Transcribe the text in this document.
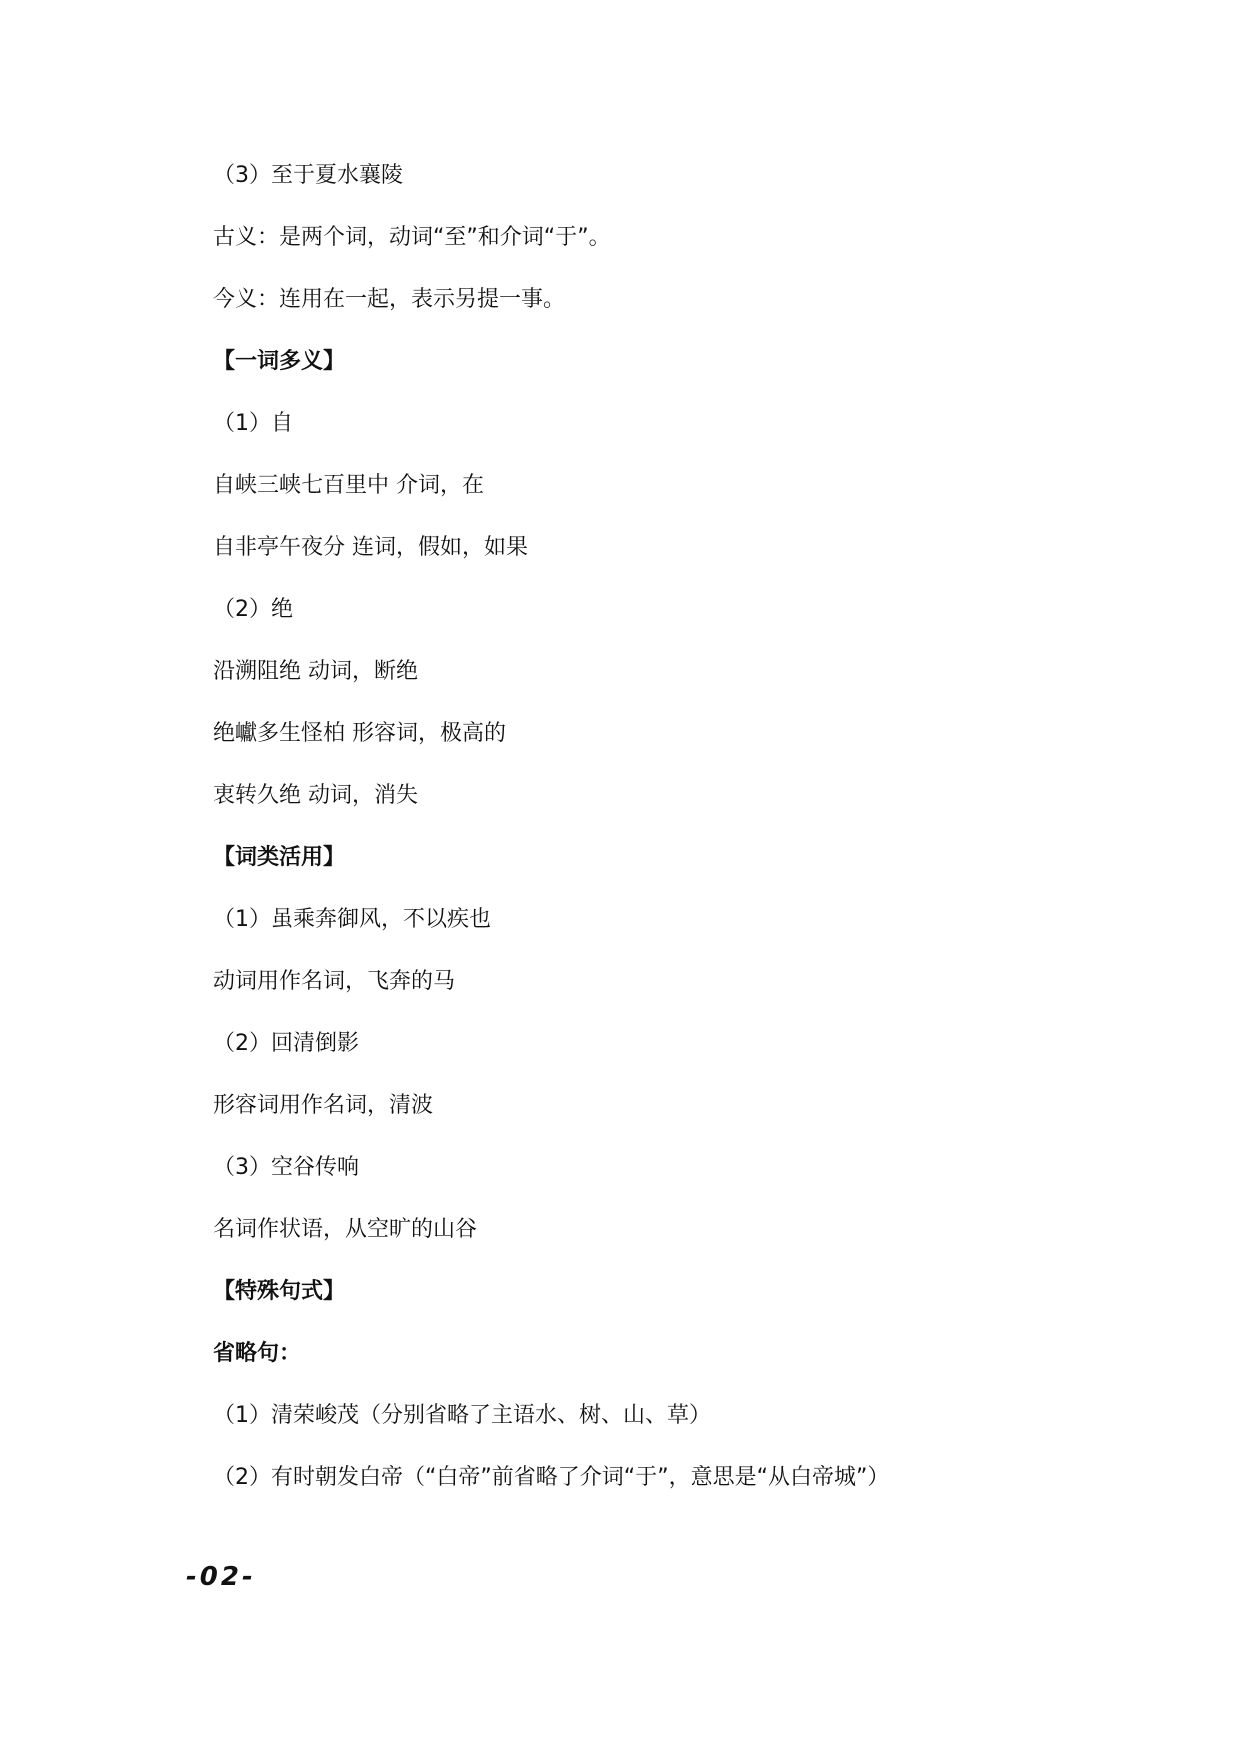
（3）至于夏水襄陵
古义：是两个词，动词“至”和介词“于”。
今义：连用在一起，表示另提一事。
【一词多义】
（1）自
自峡三峡七百里中 介词，在
自非亭午夜分 连词，假如，如果
（2）绝
沿溯阻绝 动词，断绝
绝巘多生怪柏 形容词，极高的
衷转久绝 动词，消失
【词类活用】
（1）虽乘奔御风，不以疾也
动词用作名词，飞奔的马
（2）回清倒影
形容词用作名词，清波
（3）空谷传响
名词作状语，从空旷的山谷
【特殊句式】
省略句：
（1）清荣峻茂（分别省略了主语水、树、山、草）
（2）有时朝发白帝（“白帝”前省略了介词“于”，意思是“从白帝城”）
-02-
